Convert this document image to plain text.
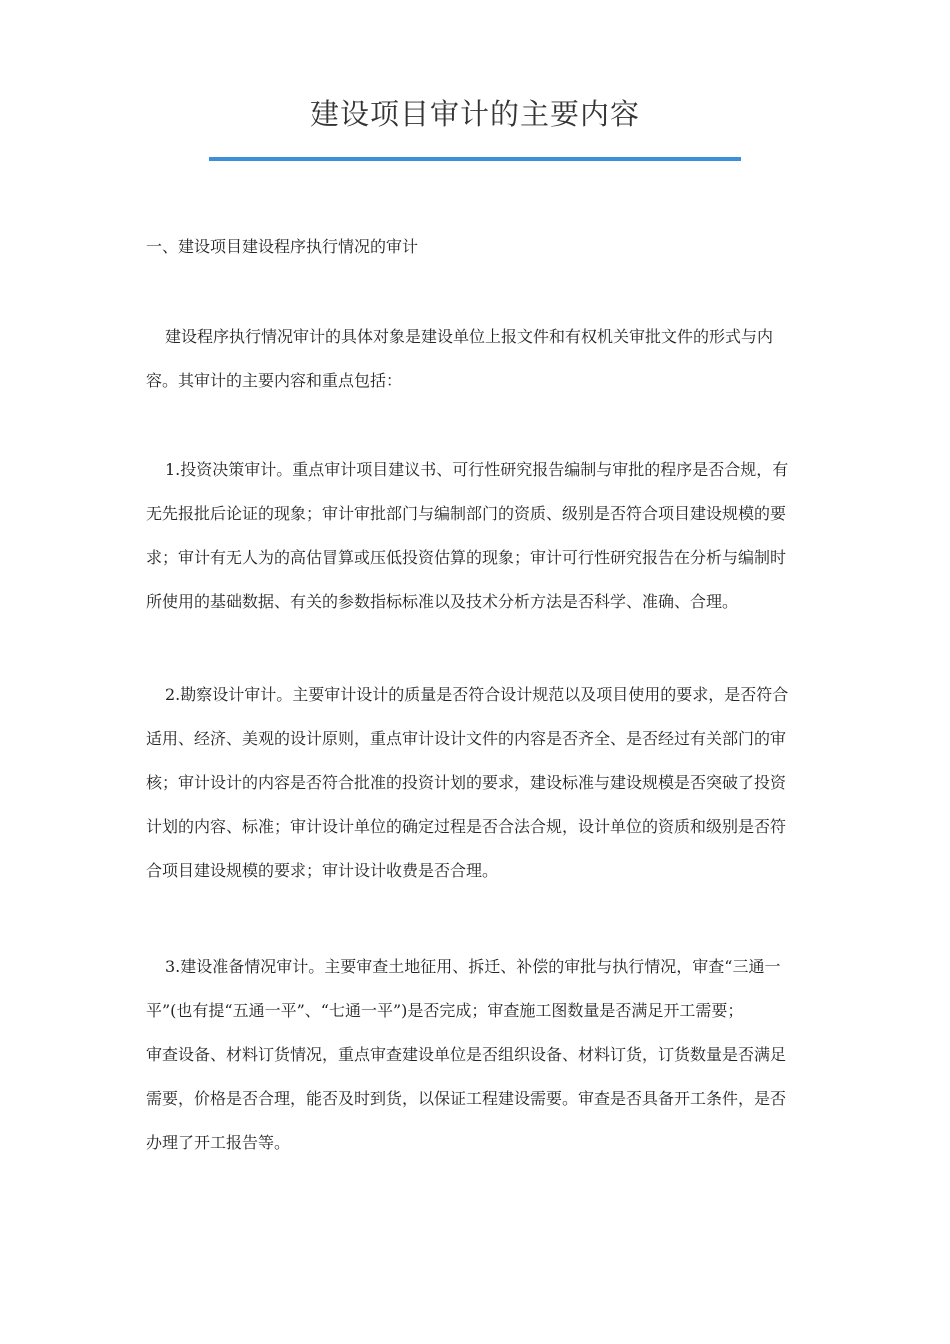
建设项目审计的主要内容
一、建设项目建设程序执行情况的审计
建设程序执行情况审计的具体对象是建设单位上报文件和有权机关审批文件的形式与内
容。其审计的主要内容和重点包括：
1.投资决策审计。重点审计项目建议书、可行性研究报告编制与审批的程序是否合规，有
无先报批后论证的现象；审计审批部门与编制部门的资质、级别是否符合项目建设规模的要
求；审计有无人为的高估冒算或压低投资估算的现象；审计可行性研究报告在分析与编制时
所使用的基础数据、有关的参数指标标准以及技术分析方法是否科学、准确、合理。
2.勘察设计审计。主要审计设计的质量是否符合设计规范以及项目使用的要求，是否符合
适用、经济、美观的设计原则，重点审计设计文件的内容是否齐全、是否经过有关部门的审
核；审计设计的内容是否符合批准的投资计划的要求，建设标准与建设规模是否突破了投资
计划的内容、标准；审计设计单位的确定过程是否合法合规，设计单位的资质和级别是否符
合项目建设规模的要求；审计设计收费是否合理。
3.建设准备情况审计。主要审查土地征用、拆迁、补偿的审批与执行情况，审查“三通一
平”(也有提“五通一平”、“七通一平”)是否完成；审查施工图数量是否满足开工需要；
审查设备、材料订货情况，重点审查建设单位是否组织设备、材料订货，订货数量是否满足
需要，价格是否合理，能否及时到货，以保证工程建设需要。审查是否具备开工条件，是否
办理了开工报告等。
